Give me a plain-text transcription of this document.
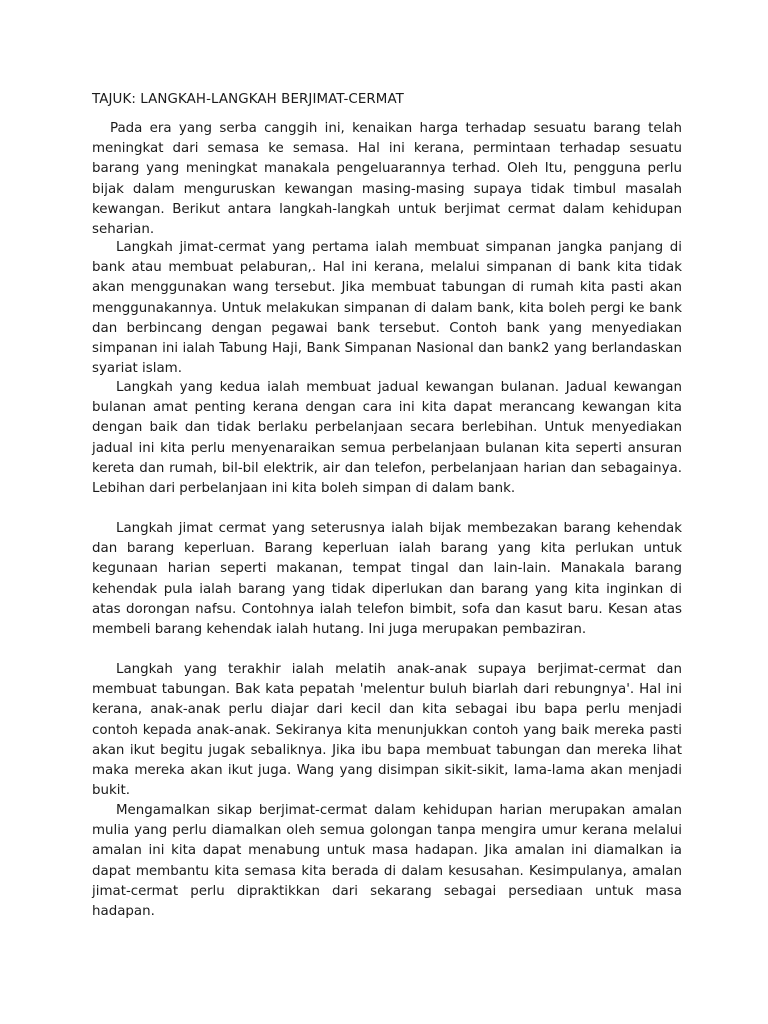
TAJUK: LANGKAH-LANGKAH BERJIMAT-CERMAT

Pada era yang serba canggih ini, kenaikan harga terhadap sesuatu barang telah meningkat dari semasa ke semasa. Hal ini kerana, permintaan terhadap sesuatu barang yang meningkat manakala pengeluarannya terhad. Oleh Itu, pengguna perlu bijak dalam menguruskan kewangan masing-masing supaya tidak timbul masalah kewangan. Berikut antara langkah-langkah untuk berjimat cermat dalam kehidupan seharian.

Langkah jimat-cermat yang pertama ialah membuat simpanan jangka panjang di bank atau membuat pelaburan,. Hal ini kerana, melalui simpanan di bank kita tidak akan menggunakan wang tersebut. Jika membuat tabungan di rumah kita pasti akan menggunakannya. Untuk melakukan simpanan di dalam bank, kita boleh pergi ke bank dan berbincang dengan pegawai bank tersebut. Contoh bank yang menyediakan simpanan ini ialah Tabung Haji, Bank Simpanan Nasional dan bank2 yang berlandaskan syariat islam.

Langkah yang kedua ialah membuat jadual kewangan bulanan. Jadual kewangan bulanan amat penting kerana dengan cara ini kita dapat merancang kewangan kita dengan baik dan tidak berlaku perbelanjaan secara berlebihan. Untuk menyediakan jadual ini kita perlu menyenaraikan semua perbelanjaan bulanan kita seperti ansuran kereta dan rumah, bil-bil elektrik, air dan telefon, perbelanjaan harian dan sebagainya. Lebihan dari perbelanjaan ini kita boleh simpan di dalam bank.

Langkah jimat cermat yang seterusnya ialah bijak membezakan barang kehendak dan barang keperluan. Barang keperluan ialah barang yang kita perlukan untuk kegunaan harian seperti makanan, tempat tingal dan lain-lain. Manakala barang kehendak pula ialah barang yang tidak diperlukan dan barang yang kita inginkan di atas dorongan nafsu. Contohnya ialah telefon bimbit, sofa dan kasut baru. Kesan atas membeli barang kehendak ialah hutang. Ini juga merupakan pembaziran.

Langkah yang terakhir ialah melatih anak-anak supaya berjimat-cermat dan membuat tabungan. Bak kata pepatah 'melentur buluh biarlah dari rebungnya'. Hal ini kerana, anak-anak perlu diajar dari kecil dan kita sebagai ibu bapa perlu menjadi contoh kepada anak-anak. Sekiranya kita menunjukkan contoh yang baik mereka pasti akan ikut begitu jugak sebaliknya. Jika ibu bapa membuat tabungan dan mereka lihat maka mereka akan ikut juga. Wang yang disimpan sikit-sikit, lama-lama akan menjadi bukit.

Mengamalkan sikap berjimat-cermat dalam kehidupan harian merupakan amalan mulia yang perlu diamalkan oleh semua golongan tanpa mengira umur kerana melalui amalan ini kita dapat menabung untuk masa hadapan. Jika amalan ini diamalkan ia dapat membantu kita semasa kita berada di dalam kesusahan. Kesimpulanya, amalan jimat-cermat perlu dipraktikkan dari sekarang sebagai persediaan untuk masa hadapan.
